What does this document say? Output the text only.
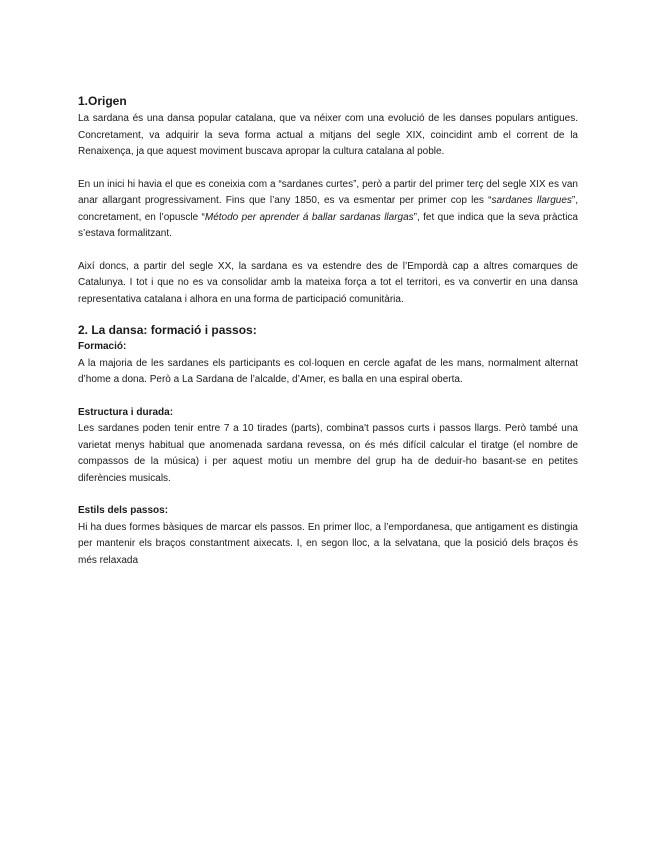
1.Origen

La sardana és una dansa popular catalana, que va néixer com una evolució de les danses populars antigues. Concretament, va adquirir la seva forma actual a mitjans del segle XIX, coincidint amb el corrent de la Renaixença, ja que aquest moviment buscava apropar la cultura catalana al poble.

En un inici hi havia el que es coneixia com a “sardanes curtes”, però a partir del primer terç del segle XIX es van anar allargant progressivament. Fins que l’any 1850, es va esmentar per primer cop les “sardanes llargues”, concretament, en l’opuscle “Método per aprender á ballar sardanas llargas”, fet que indica que la seva pràctica s’estava formalitzant.

Així doncs, a partir del segle XX, la sardana es va estendre des de l’Empordà cap a altres comarques de Catalunya. I tot i que no es va consolidar amb la mateixa força a tot el territori, es va convertir en una dansa representativa catalana i alhora en una forma de participació comunitària.

2. La dansa: formació i passos:
Formació:

A la majoria de les sardanes els participants es col·loquen en cercle agafat de les mans, normalment alternat d’home a dona. Però a La Sardana de l’alcalde, d’Amer, es balla en una espiral oberta.

Estructura i durada:

Les sardanes poden tenir entre 7 a 10 tirades (parts), combina't passos curts i passos llargs. Però també una varietat menys habitual que anomenada sardana revessa, on és més difícil calcular el tiratge (el nombre de compassos de la música) i per aquest motiu un membre del grup ha de deduir-ho basant-se en petites diferències musicals.

Estils dels passos:

Hi ha dues formes bàsiques de marcar els passos. En primer lloc, a l’empordanesa, que antigament es distingia per mantenir els braços constantment aixecats. I, en segon lloc, a la selvatana, que la posició dels braços és més relaxada
